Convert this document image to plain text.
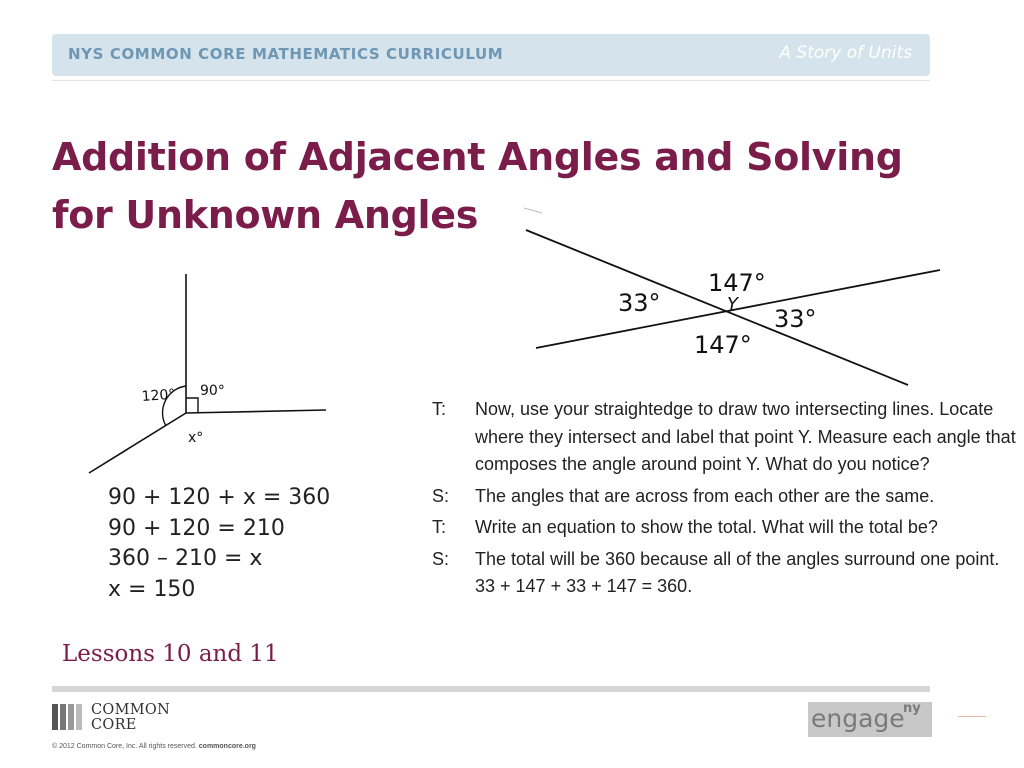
NYS COMMON CORE MATHEMATICS CURRICULUM	A Story of Units
Addition of Adjacent Angles and Solving
for Unknown Angles
120° 90°
x°
147°
33°
33°
147°
Y
90 + 120 + x = 360
90 + 120 = 210
360 – 210 = x
x = 150
Lessons 10 and 11
T:	Now, use your straightedge to draw two intersecting lines. Locate where they intersect and label that point Y. Measure each angle that composes the angle around point Y. What do you notice?
S:	The angles that are across from each other are the same.
T:	Write an equation to show the total. What will the total be?
S:	The total will be 360 because all of the angles surround one point. 33 + 147 + 33 + 147 = 360.
COMMON
CORE
© 2012 Common Core, Inc. All rights reserved. commoncore.org
engage
ny
